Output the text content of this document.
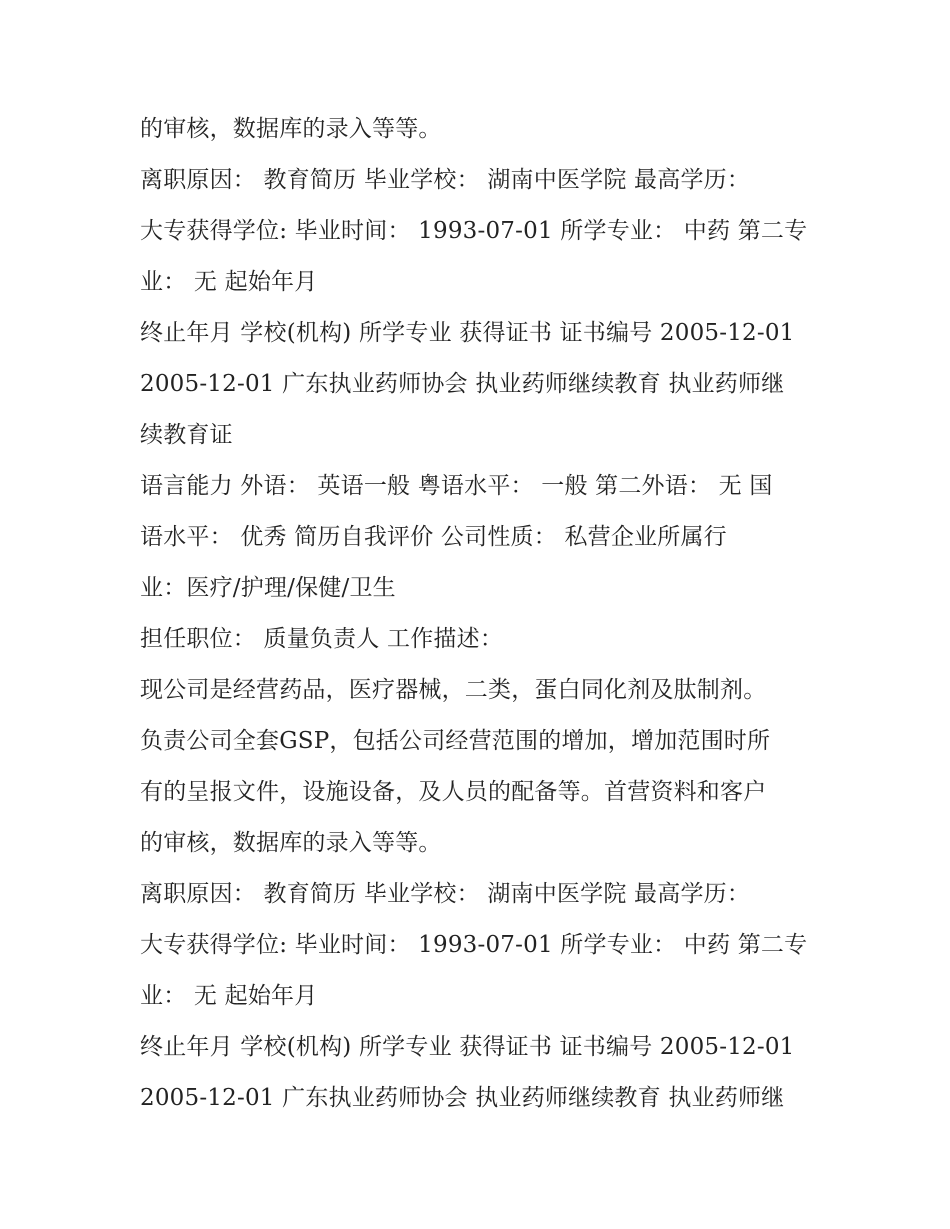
的审核，数据库的录入等等。
离职原因： 教育简历 毕业学校： 湖南中医学院 最高学历：
大专获得学位: 毕业时间： 1993-07-01 所学专业： 中药 第二专
业： 无 起始年月
终止年月 学校(机构) 所学专业 获得证书 证书编号 2005-12-01
2005-12-01 广东执业药师协会 执业药师继续教育 执业药师继
续教育证
语言能力 外语： 英语一般 粤语水平： 一般 第二外语： 无 国
语水平： 优秀 简历自我评价 公司性质： 私营企业所属行
业：医疗/护理/保健/卫生
担任职位： 质量负责人 工作描述：
现公司是经营药品，医疗器械，二类，蛋白同化剂及肽制剂。
负责公司全套GSP，包括公司经营范围的增加，增加范围时所
有的呈报文件，设施设备，及人员的配备等。首营资料和客户
的审核，数据库的录入等等。
离职原因： 教育简历 毕业学校： 湖南中医学院 最高学历：
大专获得学位: 毕业时间： 1993-07-01 所学专业： 中药 第二专
业： 无 起始年月
终止年月 学校(机构) 所学专业 获得证书 证书编号 2005-12-01
2005-12-01 广东执业药师协会 执业药师继续教育 执业药师继
